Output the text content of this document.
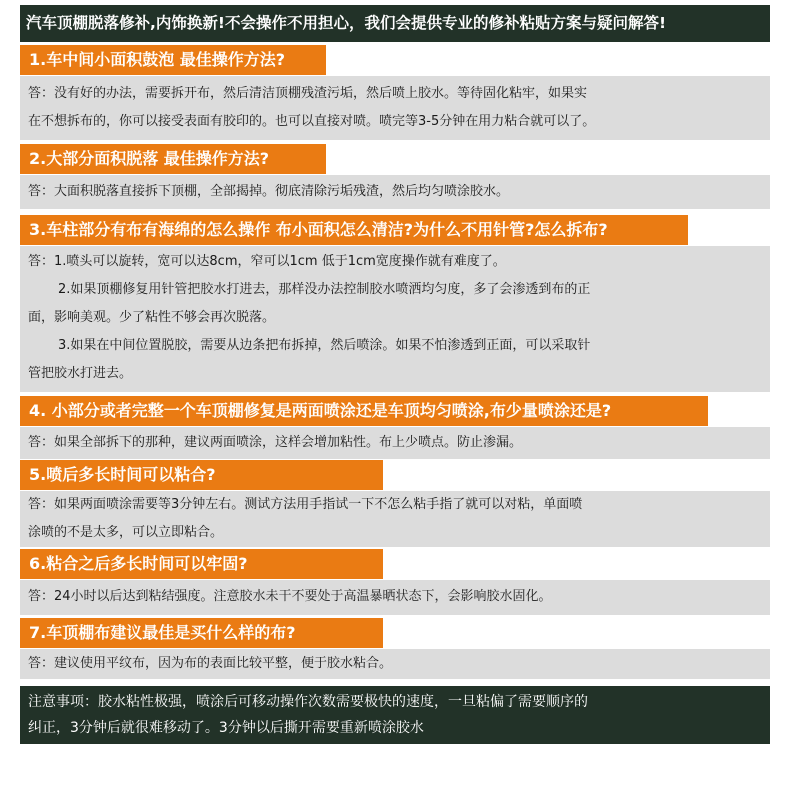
汽车顶棚脱落修补,内饰换新!不会操作不用担心，我们会提供专业的修补粘贴方案与疑问解答!
1.车中间小面积鼓泡 最佳操作方法?
答：没有好的办法，需要拆开布，然后清洁顶棚残渣污垢，然后喷上胶水。等待固化粘牢，如果实
在不想拆布的，你可以接受表面有胶印的。也可以直接对喷。喷完等3-5分钟在用力粘合就可以了。
2.大部分面积脱落 最佳操作方法?
答：大面积脱落直接拆下顶棚，全部揭掉。彻底清除污垢残渣，然后均匀喷涂胶水。
3.车柱部分有布有海绵的怎么操作 布小面积怎么清洁?为什么不用针管?怎么拆布?
答：1.喷头可以旋转，宽可以达8cm，窄可以1cm 低于1cm宽度操作就有难度了。
2.如果顶棚修复用针管把胶水打进去，那样没办法控制胶水喷洒均匀度，多了会渗透到布的正
面，影响美观。少了粘性不够会再次脱落。
3.如果在中间位置脱胶，需要从边条把布拆掉，然后喷涂。如果不怕渗透到正面，可以采取针
管把胶水打进去。
4. 小部分或者完整一个车顶棚修复是两面喷涂还是车顶均匀喷涂,布少量喷涂还是?
答：如果全部拆下的那种，建议两面喷涂，这样会增加粘性。布上少喷点。防止渗漏。
5.喷后多长时间可以粘合?
答：如果两面喷涂需要等3分钟左右。测试方法用手指试一下不怎么粘手指了就可以对粘，单面喷
涂喷的不是太多，可以立即粘合。
6.粘合之后多长时间可以牢固?
答：24小时以后达到粘结强度。注意胶水未干不要处于高温暴晒状态下，会影响胶水固化。
7.车顶棚布建议最佳是买什么样的布?
答：建议使用平纹布，因为布的表面比较平整，便于胶水粘合。
注意事项：胶水粘性极强，喷涂后可移动操作次数需要极快的速度，一旦粘偏了需要顺序的
纠正，3分钟后就很难移动了。3分钟以后撕开需要重新喷涂胶水
